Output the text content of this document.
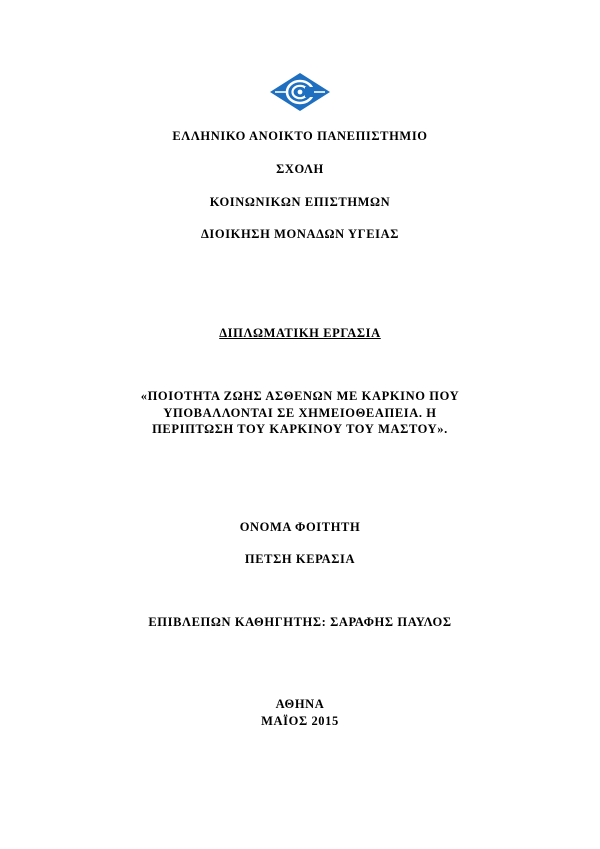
ΕΛΛΗΝΙΚΟ ΑΝΟΙΚΤΟ ΠΑΝΕΠΙΣΤΗΜΙΟ
ΣΧΟΛΗ
ΚΟΙΝΩΝΙΚΩΝ ΕΠΙΣΤΗΜΩΝ
ΔΙΟΙΚΗΣΗ ΜΟΝΑΔΩΝ ΥΓΕΙΑΣ
ΔΙΠΛΩΜΑΤΙΚΗ ΕΡΓΑΣΙΑ
«ΠΟΙΟΤΗΤΑ ΖΩΗΣ ΑΣΘΕΝΩΝ ΜΕ ΚΑΡΚΙΝΟ ΠΟΥ
ΥΠΟΒΑΛΛΟΝΤΑΙ ΣΕ ΧΗΜΕΙΟΘΕΑΠΕΙΑ. Η
ΠΕΡΙΠΤΩΣΗ ΤΟΥ ΚΑΡΚΙΝΟΥ ΤΟΥ ΜΑΣΤΟΥ».
ΟΝΟΜΑ ΦΟΙΤΗΤΗ
ΠΕΤΣΗ ΚΕΡΑΣΙΑ
ΕΠΙΒΛΕΠΩΝ ΚΑΘΗΓΗΤΗΣ: ΣΑΡΑΦΗΣ ΠΑΥΛΟΣ
ΑΘΗΝΑ
ΜΑΪΟΣ 2015
